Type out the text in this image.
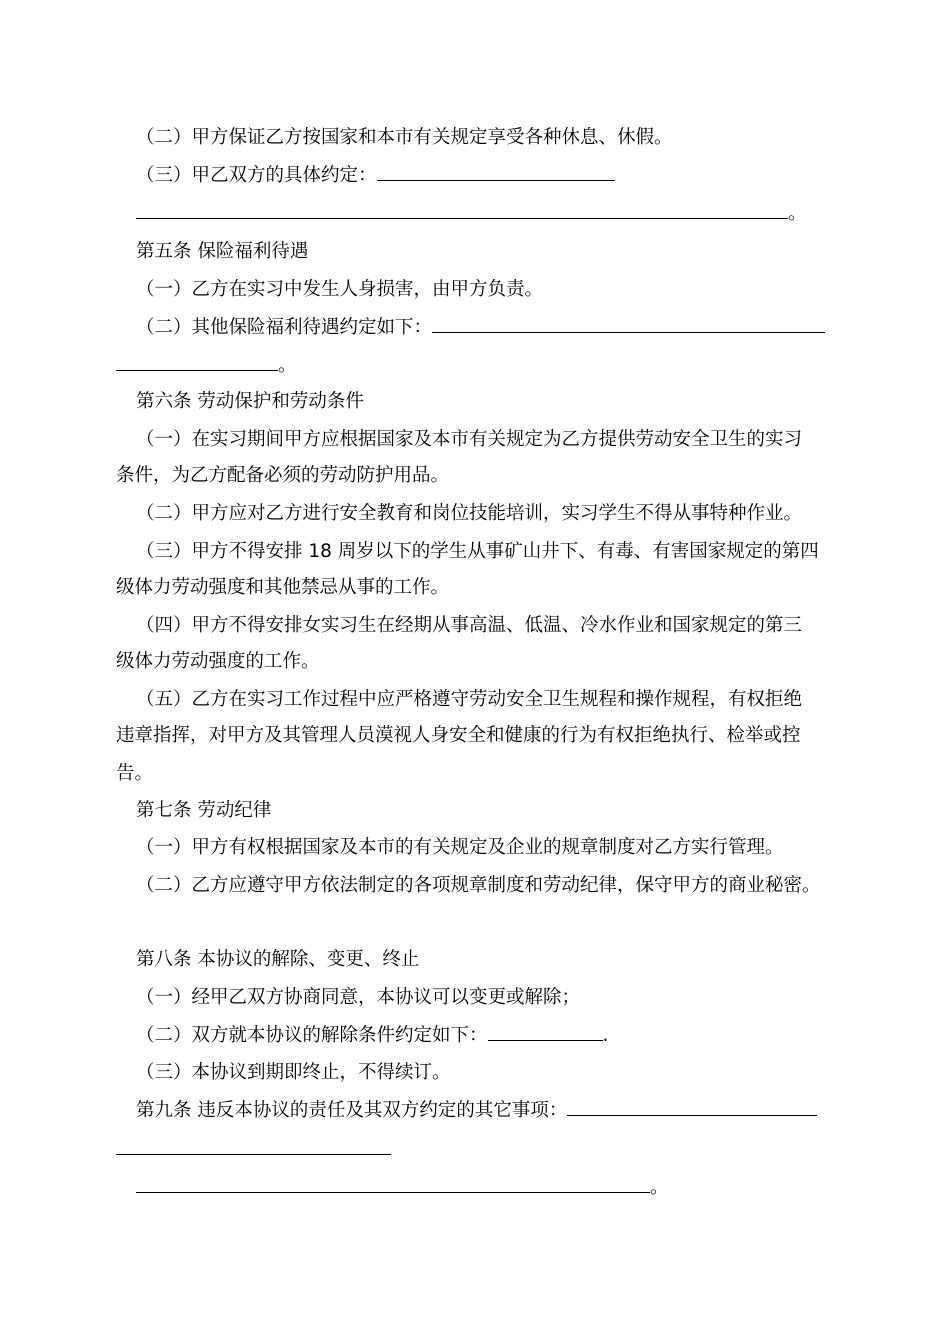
（二）甲方保证乙方按国家和本市有关规定享受各种休息、休假。
（三）甲乙双方的具体约定：
。
第五条 保险福利待遇
（一）乙方在实习中发生人身损害，由甲方负责。
（二）其他保险福利待遇约定如下：
。
第六条 劳动保护和劳动条件
（一）在实习期间甲方应根据国家及本市有关规定为乙方提供劳动安全卫生的实习
条件，为乙方配备必须的劳动防护用品。
（二）甲方应对乙方进行安全教育和岗位技能培训，实习学生不得从事特种作业。
（三）甲方不得安排 18 周岁以下的学生从事矿山井下、有毒、有害国家规定的第四
级体力劳动强度和其他禁忌从事的工作。
（四）甲方不得安排女实习生在经期从事高温、低温、冷水作业和国家规定的第三
级体力劳动强度的工作。
（五）乙方在实习工作过程中应严格遵守劳动安全卫生规程和操作规程，有权拒绝
违章指挥，对甲方及其管理人员漠视人身安全和健康的行为有权拒绝执行、检举或控
告。
第七条 劳动纪律
（一）甲方有权根据国家及本市的有关规定及企业的规章制度对乙方实行管理。
（二）乙方应遵守甲方依法制定的各项规章制度和劳动纪律，保守甲方的商业秘密。
第八条 本协议的解除、变更、终止
（一）经甲乙双方协商同意，本协议可以变更或解除；
（二）双方就本协议的解除条件约定如下：	.
（三）本协议到期即终止，不得续订。
第九条 违反本协议的责任及其双方约定的其它事项：
。
